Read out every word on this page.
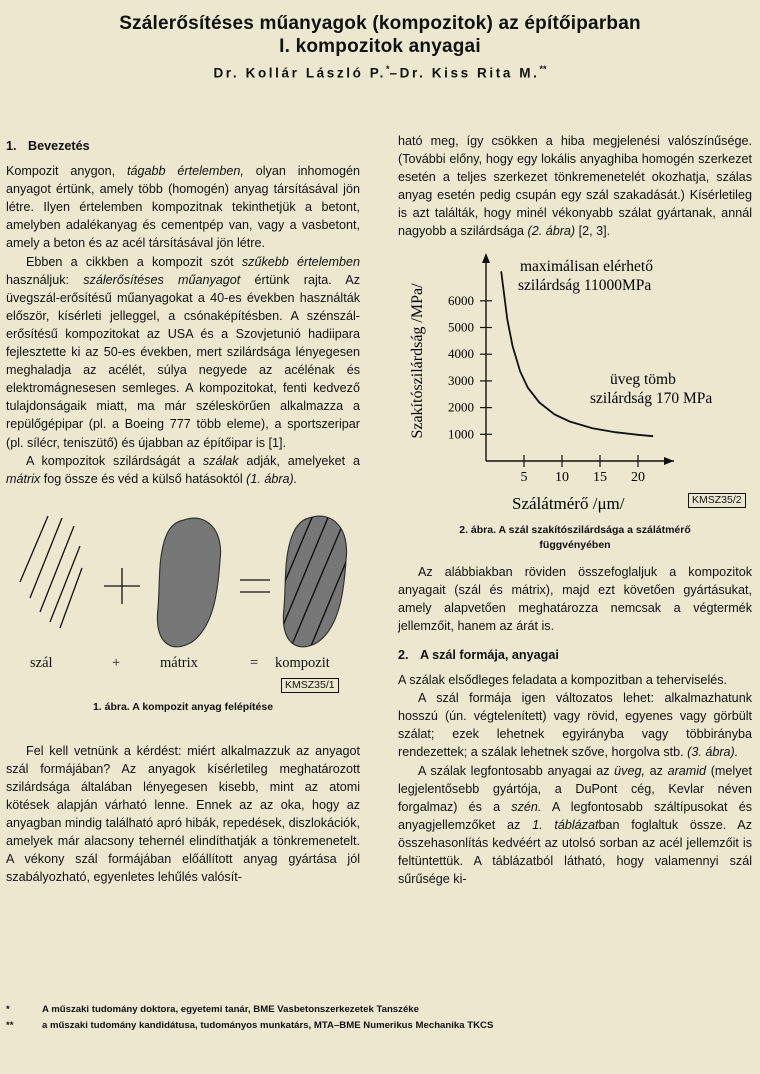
Szálerősítéses műanyagok (kompozitok) az építőiparban
I. kompozitok anyagai
Dr. Kollár László P.*–Dr. Kiss Rita M.**

1. Bevezetés

Kompozit anygon, tágabb értelemben, olyan inhomogén anyagot értünk, amely több (homogén) anyag társításával jön létre. Ilyen értelemben kompozitnak tekinthetjük a betont, amelyben adalékanyag és cementpép van, vagy a vasbetont, amely a beton és az acél társításával jön létre.

Ebben a cikkben a kompozit szót szűkebb értelemben használjuk: szálerősítéses műanyagot értünk rajta. Az üvegszál-erősítésű műanyagokat a 40-es években használták először, kísérleti jelleggel, a csónaképítésben. A szénszál-erősítésű kompozitokat az USA és a Szovjetunió hadiipara fejlesztette ki az 50-es években, mert szilárdsága lényegesen meghaladja az acélét, súlya negyede az acélénak és elektromágnesesen semleges. A kompozitokat, fenti kedvező tulajdonságaik miatt, ma már széleskörűen alkalmazza a repülőgépipar (pl. a Boeing 777 több eleme), a sportszeripar (pl. sílécr, teniszütő) és újabban az építőipar is [1].

A kompozitok szilárdságát a szálak adják, amelyeket a mátrix fog össze és véd a külső hatásoktól (1. ábra).

szál	+	mátrix	= kompozit
KMSZ35/1
1. ábra. A kompozit anyag felépítése

Fel kell vetnünk a kérdést: miért alkalmazzuk az anyagot szál formájában? Az anyagok kísérletileg meghatározott szilárdsága általában lényegesen kisebb, mint az atomi kötések alapján várható lenne. Ennek az az oka, hogy az anyagban mindig található apró hibák, repedések, diszlokációk, amelyek már alacsony tehernél elindíthatják a tönkremenetelt. A vékony szál formájában előállított anyag gyártása jól szabályozható, egyenletes lehűlés valósít-

ható meg, így csökken a hiba megjelenési valószínűsége. (További előny, hogy egy lokális anyaghiba homogén szerkezet esetén a teljes szerkezet tönkremenetelét okozhatja, szálas anyag esetén pedig csupán egy szál szakadását.) Kísérletileg is azt találták, hogy minél vékonyabb szálat gyártanak, annál nagyobb a szilárdsága (2. ábra) [2, 3].

1000
2000
3000
4000
5000
6000
5 10 15 20
Szálátmérő /μm/
Szakítószilárdság /MPa/
maximálisan elérhető
szilárdság 11000MPa
üveg tömb
szilárdság 170 MPa
KMSZ35/2
2. ábra. A szál szakítószilárdsága a szálátmérő
függvényében

Az alábbiakban röviden összefoglaljuk a kompozitok anyagait (szál és mátrix), majd ezt követően gyártásukat, amely alapvetően meghatározza nemcsak a végtermék jellemzőit, hanem az árát is.

2. A szál formája, anyagai

A szálak elsődleges feladata a kompozitban a teherviselés.

A szál formája igen változatos lehet: alkalmazhatunk hosszú (ún. végtelenített) vagy rövid, egyenes vagy görbült szálat; ezek lehetnek egyirányba vagy többirányba rendezettek; a szálak lehetnek szőve, horgolva stb. (3. ábra).

A szálak legfontosabb anyagai az üveg, az aramid (melyet legjelentősebb gyártója, a DuPont cég, Kevlar néven forgalmaz) és a szén. A legfontosabb száltípusokat és anyagjellemzőket az 1. táblázatban foglaltuk össze. Az összehasonlítás kedvéért az utolsó sorban az acél jellemzőit is feltüntettük. A táblázatból látható, hogy valamennyi szál sűrűsége ki-

*	A műszaki tudomány doktora, egyetemi tanár, BME Vasbetonszerkezetek Tanszéke
**	a műszaki tudomány kandidátusa, tudományos munkatárs, MTA–BME Numerikus Mechanika TKCS
